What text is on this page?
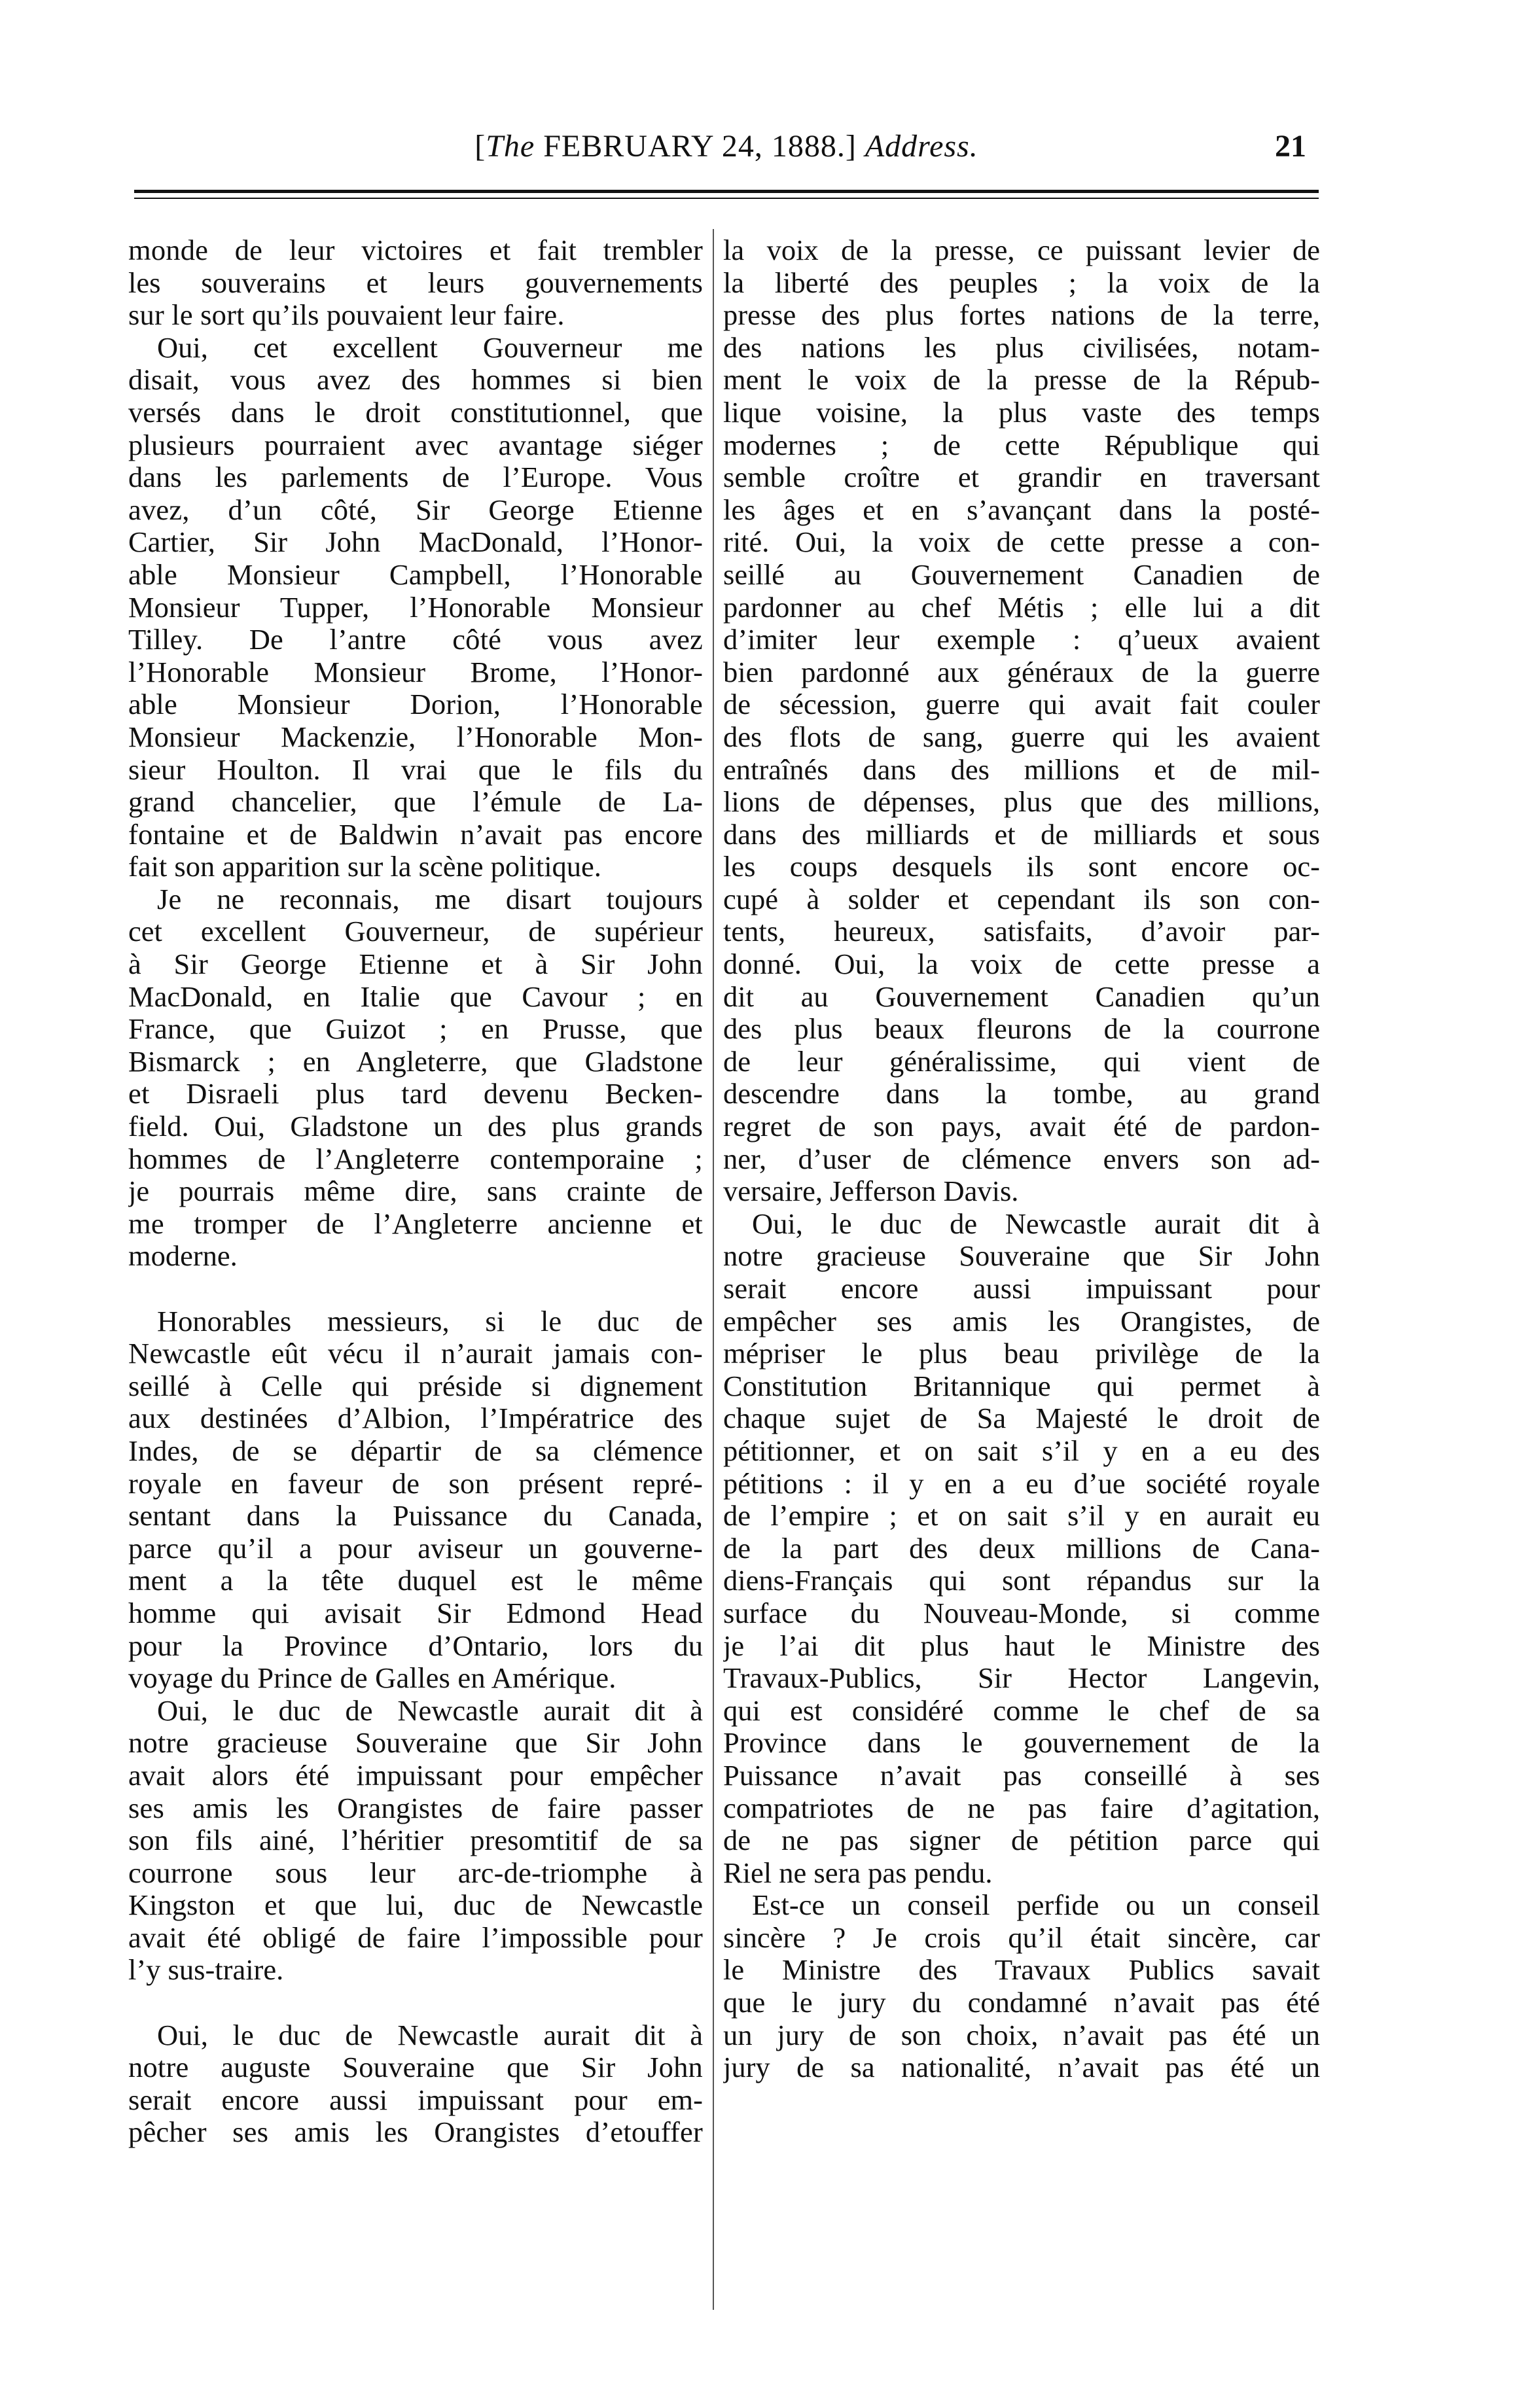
[The FEBRUARY 24, 1888.] Address.	21
monde de leur victoires et fait trembler
les souverains et leurs gouvernements
sur le sort qu’ils pouvaient leur faire.
Oui, cet excellent Gouverneur me
disait, vous avez des hommes si bien
versés dans le droit constitutionnel, que
plusieurs pourraient avec avantage siéger
dans les parlements de l’Europe. Vous
avez, d’un côté, Sir George Etienne
Cartier, Sir John MacDonald, l’Honor-
able Monsieur Campbell, l’Honorable
Monsieur Tupper, l’Honorable Monsieur
Tilley. De l’antre côté vous avez
l’Honorable Monsieur Brome, l’Honor-
able Monsieur Dorion, l’Honorable
Monsieur Mackenzie, l’Honorable Mon-
sieur Houlton. Il vrai que le fils du
grand chancelier, que l’émule de La-
fontaine et de Baldwin n’avait pas encore
fait son apparition sur la scène politique.
Je ne reconnais, me disart toujours
cet excellent Gouverneur, de supérieur
à Sir George Etienne et à Sir John
MacDonald, en Italie que Cavour ; en
France, que Guizot ; en Prusse, que
Bismarck ; en Angleterre, que Gladstone
et Disraeli plus tard devenu Becken-
field. Oui, Gladstone un des plus grands
hommes de l’Angleterre contemporaine ;
je pourrais même dire, sans crainte de
me tromper de l’Angleterre ancienne et
moderne.
Honorables messieurs, si le duc de
Newcastle eût vécu il n’aurait jamais con-
seillé à Celle qui préside si dignement
aux destinées d’Albion, l’Impératrice des
Indes, de se départir de sa clémence
royale en faveur de son présent repré-
sentant dans la Puissance du Canada,
parce qu’il a pour aviseur un gouverne-
ment a la tête duquel est le même
homme qui avisait Sir Edmond Head
pour la Province d’Ontario, lors du
voyage du Prince de Galles en Amérique.
Oui, le duc de Newcastle aurait dit à
notre gracieuse Souveraine que Sir John
avait alors été impuissant pour empêcher
ses amis les Orangistes de faire passer
son fils ainé, l’héritier presomtitif de sa
courrone sous leur arc-de-triomphe à
Kingston et que lui, duc de Newcastle
avait été obligé de faire l’impossible pour
l’y sus-traire.
Oui, le duc de Newcastle aurait dit à
notre auguste Souveraine que Sir John
serait encore aussi impuissant pour em-
pêcher ses amis les Orangistes d’etouffer
la voix de la presse, ce puissant levier de
la liberté des peuples ; la voix de la
presse des plus fortes nations de la terre,
des nations les plus civilisées, notam-
ment le voix de la presse de la Répub-
lique voisine, la plus vaste des temps
modernes ; de cette République qui
semble croître et grandir en traversant
les âges et en s’avançant dans la posté-
rité. Oui, la voix de cette presse a con-
seillé au Gouvernement Canadien de
pardonner au chef Métis ; elle lui a dit
d’imiter leur exemple : q’ueux avaient
bien pardonné aux généraux de la guerre
de sécession, guerre qui avait fait couler
des flots de sang, guerre qui les avaient
entraînés dans des millions et de mil-
lions de dépenses, plus que des millions,
dans des milliards et de milliards et sous
les coups desquels ils sont encore oc-
cupé à solder et cependant ils son con-
tents, heureux, satisfaits, d’avoir par-
donné. Oui, la voix de cette presse a
dit au Gouvernement Canadien qu’un
des plus beaux fleurons de la courrone
de leur généralissime, qui vient de
descendre dans la tombe, au grand
regret de son pays, avait été de pardon-
ner, d’user de clémence envers son ad-
versaire, Jefferson Davis.
Oui, le duc de Newcastle aurait dit à
notre gracieuse Souveraine que Sir John
serait encore aussi impuissant pour
empêcher ses amis les Orangistes, de
mépriser le plus beau privilège de la
Constitution Britannique qui permet à
chaque sujet de Sa Majesté le droit de
pétitionner, et on sait s’il y en a eu des
pétitions : il y en a eu d’ue société royale
de l’empire ; et on sait s’il y en aurait eu
de la part des deux millions de Cana-
diens-Français qui sont répandus sur la
surface du Nouveau-Monde, si comme
je l’ai dit plus haut le Ministre des
Travaux-Publics, Sir Hector Langevin,
qui est considéré comme le chef de sa
Province dans le gouvernement de la
Puissance n’avait pas conseillé à ses
compatriotes de ne pas faire d’agitation,
de ne pas signer de pétition parce qui
Riel ne sera pas pendu.
Est-ce un conseil perfide ou un conseil
sincère ? Je crois qu’il était sincère, car
le Ministre des Travaux Publics savait
que le jury du condamné n’avait pas été
un jury de son choix, n’avait pas été un
jury de sa nationalité, n’avait pas été un
